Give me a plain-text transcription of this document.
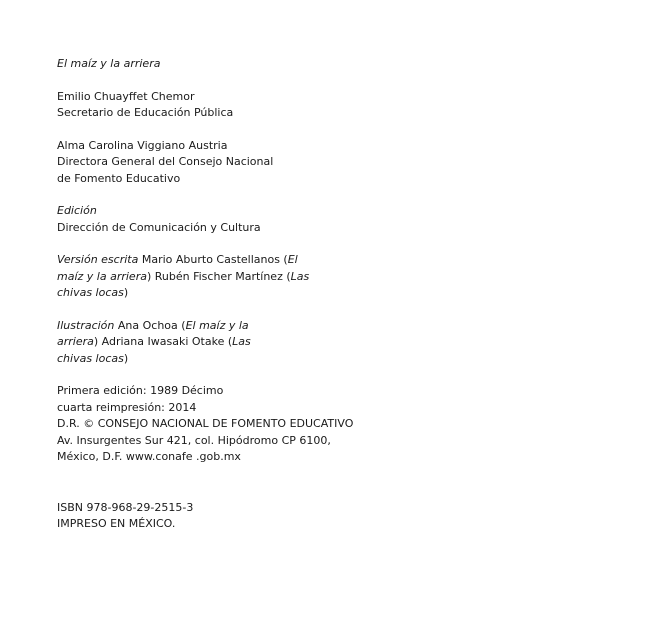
El maíz y la arriera
Emilio Chuayffet Chemor
Secretario de Educación Pública
Alma Carolina Viggiano Austria
Directora General del Consejo Nacional
de Fomento Educativo
Edición
Dirección de Comunicación y Cultura
Versión escrita Mario Aburto Castellanos (El
maíz y la arriera) Rubén Fischer Martínez (Las
chivas locas)
Ilustración Ana Ochoa (El maíz y la
arriera) Adriana Iwasaki Otake (Las
chivas locas)
Primera edición: 1989 Décimo
cuarta reimpresión: 2014
D.R. © CONSEJO NACIONAL DE FOMENTO EDUCATIVO
Av. Insurgentes Sur 421, col. Hipódromo CP 6100,
México, D.F. www.conafe .gob.mx
ISBN 978-968-29-2515-3
IMPRESO EN MÉXICO.
